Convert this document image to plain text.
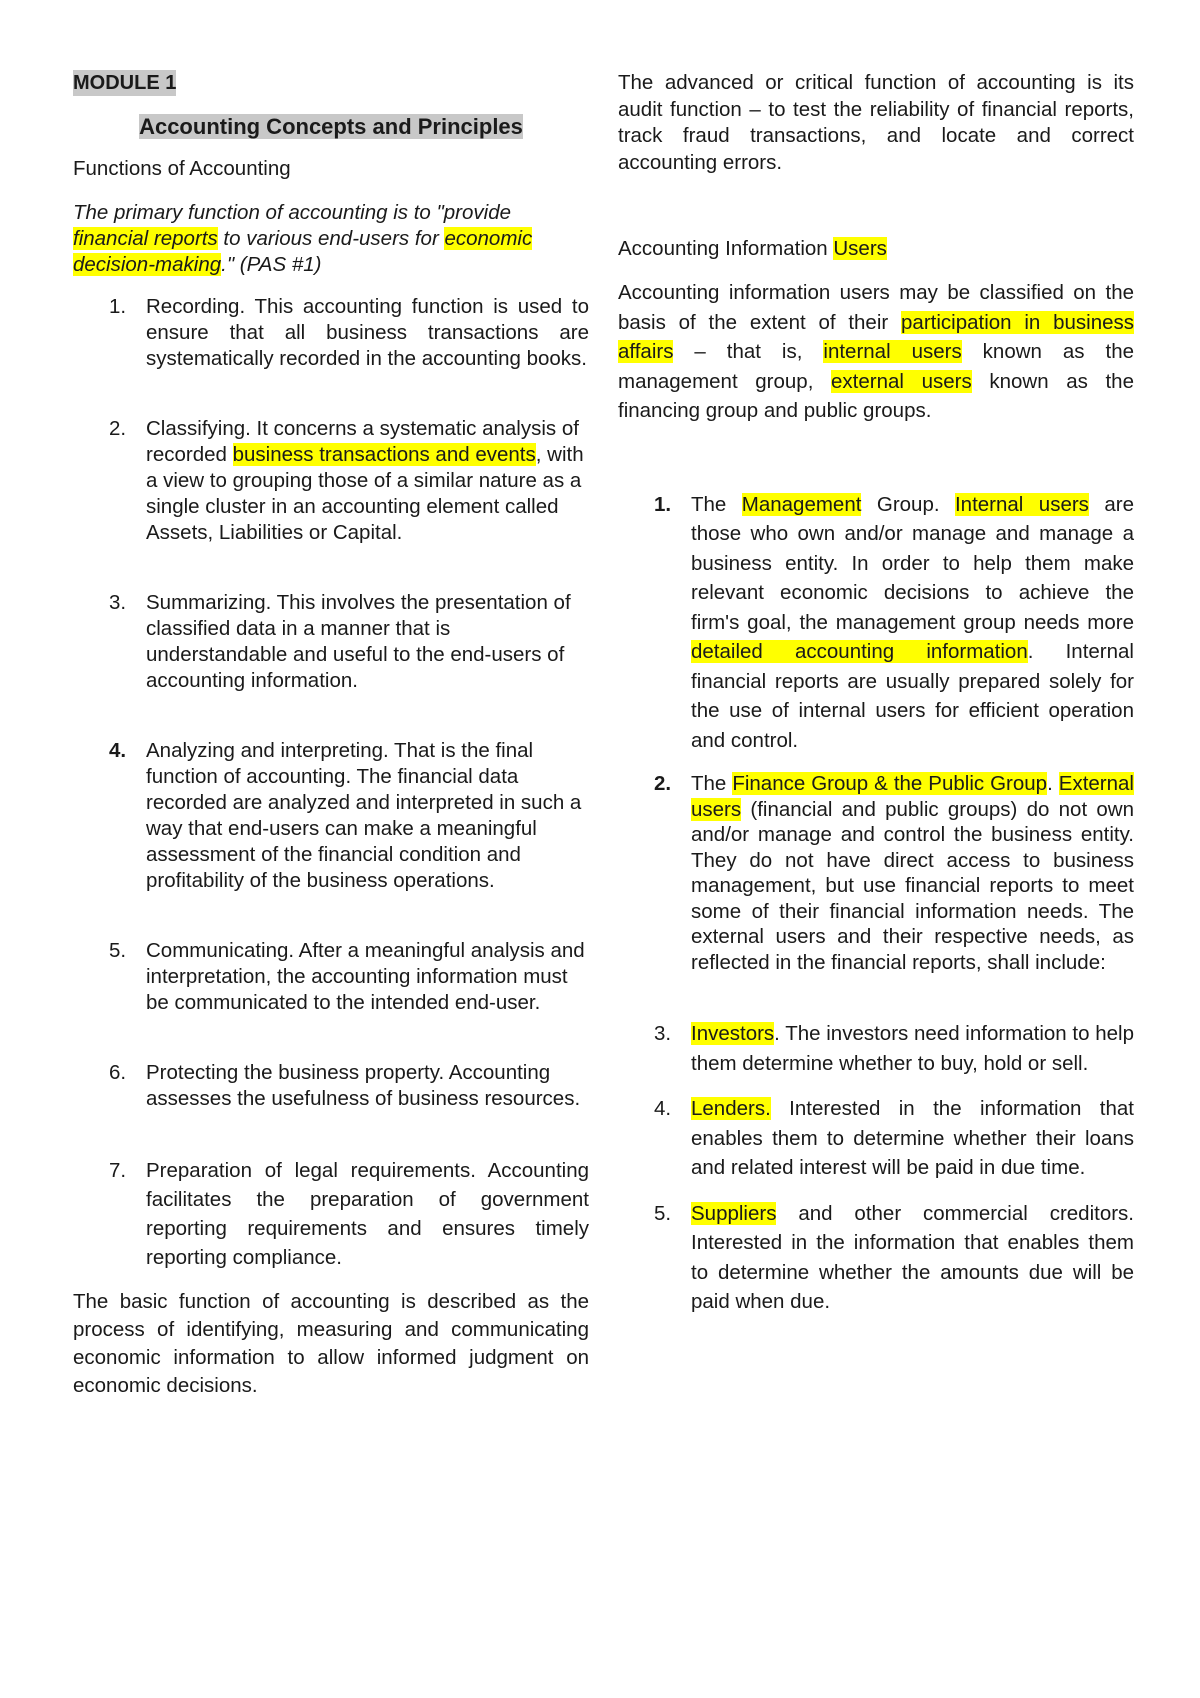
MODULE 1
Accounting Concepts and Principles

Functions of Accounting

The primary function of accounting is to "provide financial reports to various end-users for economic decision-making." (PAS #1)

1. Recording. This accounting function is used to ensure that all business transactions are systematically recorded in the accounting books.
2. Classifying. It concerns a systematic analysis of recorded business transactions and events, with a view to grouping those of a similar nature as a single cluster in an accounting element called Assets, Liabilities or Capital.
3. Summarizing. This involves the presentation of classified data in a manner that is understandable and useful to the end-users of accounting information.
4. Analyzing and interpreting. That is the final function of accounting. The financial data recorded are analyzed and interpreted in such a way that end-users can make a meaningful assessment of the financial condition and profitability of the business operations.
5. Communicating. After a meaningful analysis and interpretation, the accounting information must be communicated to the intended end-user.
6. Protecting the business property. Accounting assesses the usefulness of business resources.
7. Preparation of legal requirements. Accounting facilitates the preparation of government reporting requirements and ensures timely reporting compliance.

The basic function of accounting is described as the process of identifying, measuring and communicating economic information to allow informed judgment on economic decisions.

The advanced or critical function of accounting is its audit function – to test the reliability of financial reports, track fraud transactions, and locate and correct accounting errors.

Accounting Information Users

Accounting information users may be classified on the basis of the extent of their participation in business affairs – that is, internal users known as the management group, external users known as the financing group and public groups.

1. The Management Group. Internal users are those who own and/or manage and manage a business entity. In order to help them make relevant economic decisions to achieve the firm's goal, the management group needs more detailed accounting information. Internal financial reports are usually prepared solely for the use of internal users for efficient operation and control.
2. The Finance Group & the Public Group. External users (financial and public groups) do not own and/or manage and control the business entity. They do not have direct access to business management, but use financial reports to meet some of their financial information needs. The external users and their respective needs, as reflected in the financial reports, shall include:
3. Investors. The investors need information to help them determine whether to buy, hold or sell.
4. Lenders. Interested in the information that enables them to determine whether their loans and related interest will be paid in due time.
5. Suppliers and other commercial creditors. Interested in the information that enables them to determine whether the amounts due will be paid when due.
